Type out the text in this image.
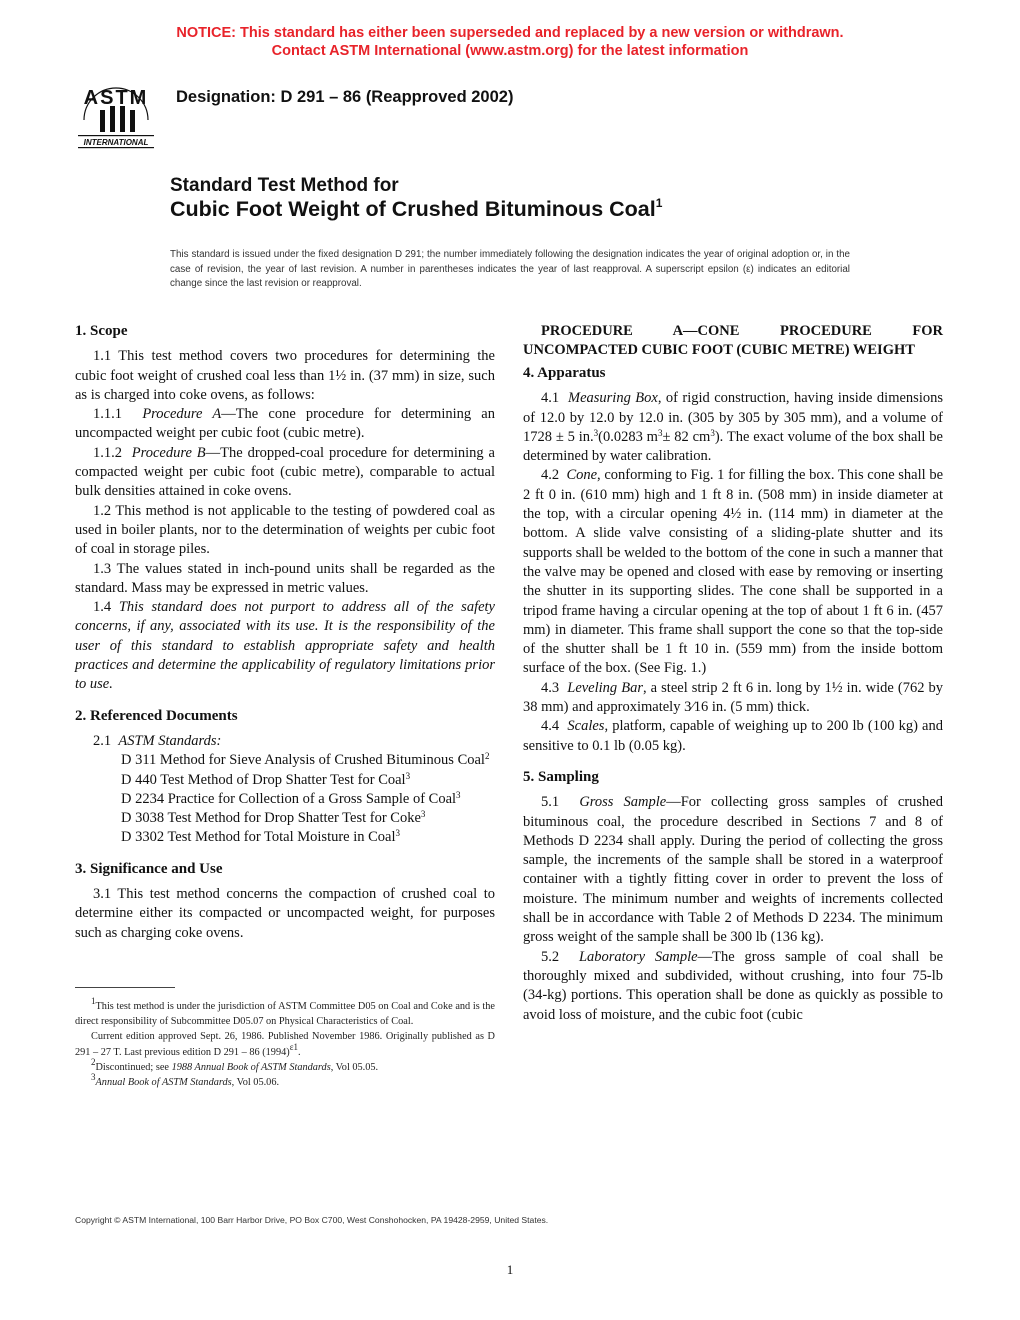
NOTICE: This standard has either been superseded and replaced by a new version or withdrawn.
Contact ASTM International (www.astm.org) for the latest information
ASTM
INTERNATIONAL
Designation: D 291 – 86 (Reapproved 2002)
Standard Test Method for
Cubic Foot Weight of Crushed Bituminous Coal$^1$
This standard is issued under the fixed designation D 291; the number immediately following the designation indicates the year of original adoption or, in the case of revision, the year of last revision. A number in parentheses indicates the year of last reapproval. A superscript epsilon (ε) indicates an editorial change since the last revision or reapproval.

1. Scope

1.1 This test method covers two procedures for determining the cubic foot weight of crushed coal less than 1½ in. (37 mm) in size, such as is charged into coke ovens, as follows:

1.1.1 Procedure A—The cone procedure for determining an uncompacted weight per cubic foot (cubic metre).

1.1.2 Procedure B—The dropped-coal procedure for determining a compacted weight per cubic foot (cubic metre), comparable to actual bulk densities attained in coke ovens.

1.2 This method is not applicable to the testing of powdered coal as used in boiler plants, nor to the determination of weights per cubic foot of coal in storage piles.

1.3 The values stated in inch-pound units shall be regarded as the standard. Mass may be expressed in metric values.

1.4 This standard does not purport to address all of the safety concerns, if any, associated with its use. It is the responsibility of the user of this standard to establish appropriate safety and health practices and determine the applicability of regulatory limitations prior to use.

2. Referenced Documents

2.1 ASTM Standards:

D 311 Method for Sieve Analysis of Crushed Bituminous Coal$^2$

D 440 Test Method of Drop Shatter Test for Coal$^3$

D 2234 Practice for Collection of a Gross Sample of Coal$^3$

D 3038 Test Method for Drop Shatter Test for Coke$^3$

D 3302 Test Method for Total Moisture in Coal$^3$

3. Significance and Use

3.1 This test method concerns the compaction of crushed coal to determine either its compacted or uncompacted weight, for purposes such as charging coke ovens.

$^1$This test method is under the jurisdiction of ASTM Committee D05 on Coal and Coke and is the direct responsibility of Subcommittee D05.07 on Physical Characteristics of Coal.

Current edition approved Sept. 26, 1986. Published November 1986. Originally published as D 291 – 27 T. Last previous edition D 291 – 86 $(1994)^{\varepsilon 1}$.

$^2$Discontinued; see 1988 Annual Book of ASTM Standards, Vol 05.05.

$^3$Annual Book of ASTM Standards, Vol 05.06.

PROCEDURE A—CONE PROCEDURE FOR UNCOMPACTED CUBIC FOOT (CUBIC METRE) WEIGHT

4. Apparatus

4.1 Measuring Box, of rigid construction, having inside dimensions of 12.0 by 12.0 by 12.0 in. (305 by 305 by 305 mm), and a volume of 1728 ± 5 in.$^3$(0.0283 $m^3\pm 82$ $cm^3$). The exact volume of the box shall be determined by water calibration.

4.2 Cone, conforming to Fig. 1 for filling the box. This cone shall be 2 ft 0 in. (610 mm) high and 1 ft 8 in. (508 mm) in inside diameter at the top, with a circular opening 4½ in. (114 mm) in diameter at the bottom. A slide valve consisting of a sliding-plate shutter and its supports shall be welded to the bottom of the cone in such a manner that the valve may be opened and closed with ease by removing or inserting the shutter in its supporting slides. The cone shall be supported in a tripod frame having a circular opening at the top of about 1 ft 6 in. (457 mm) in diameter. This frame shall support the cone so that the top-side of the shutter shall be 1 ft 10 in. (559 mm) from the inside bottom surface of the box. (See Fig. 1.)

4.3 Leveling Bar, a steel strip 2 ft 6 in. long by 1½ in. wide (762 by 38 mm) and approximately 3⁄16 in. (5 mm) thick.

4.4 Scales, platform, capable of weighing up to 200 lb (100 kg) and sensitive to 0.1 lb (0.05 kg).

5. Sampling

5.1 Gross Sample—For collecting gross samples of crushed bituminous coal, the procedure described in Sections 7 and 8 of Methods D 2234 shall apply. During the period of collecting the gross sample, the increments of the sample shall be stored in a waterproof container with a tightly fitting cover in order to prevent the loss of moisture. The minimum number and weights of increments collected shall be in accordance with Table 2 of Methods D 2234. The minimum gross weight of the sample shall be 300 lb (136 kg).

5.2 Laboratory Sample—The gross sample of coal shall be thoroughly mixed and subdivided, without crushing, into four 75-lb (34-kg) portions. This operation shall be done as quickly as possible to avoid loss of moisture, and the cubic foot (cubic

Copyright © ASTM International, 100 Barr Harbor Drive, PO Box C700, West Conshohocken, PA 19428-2959, United States.
1
